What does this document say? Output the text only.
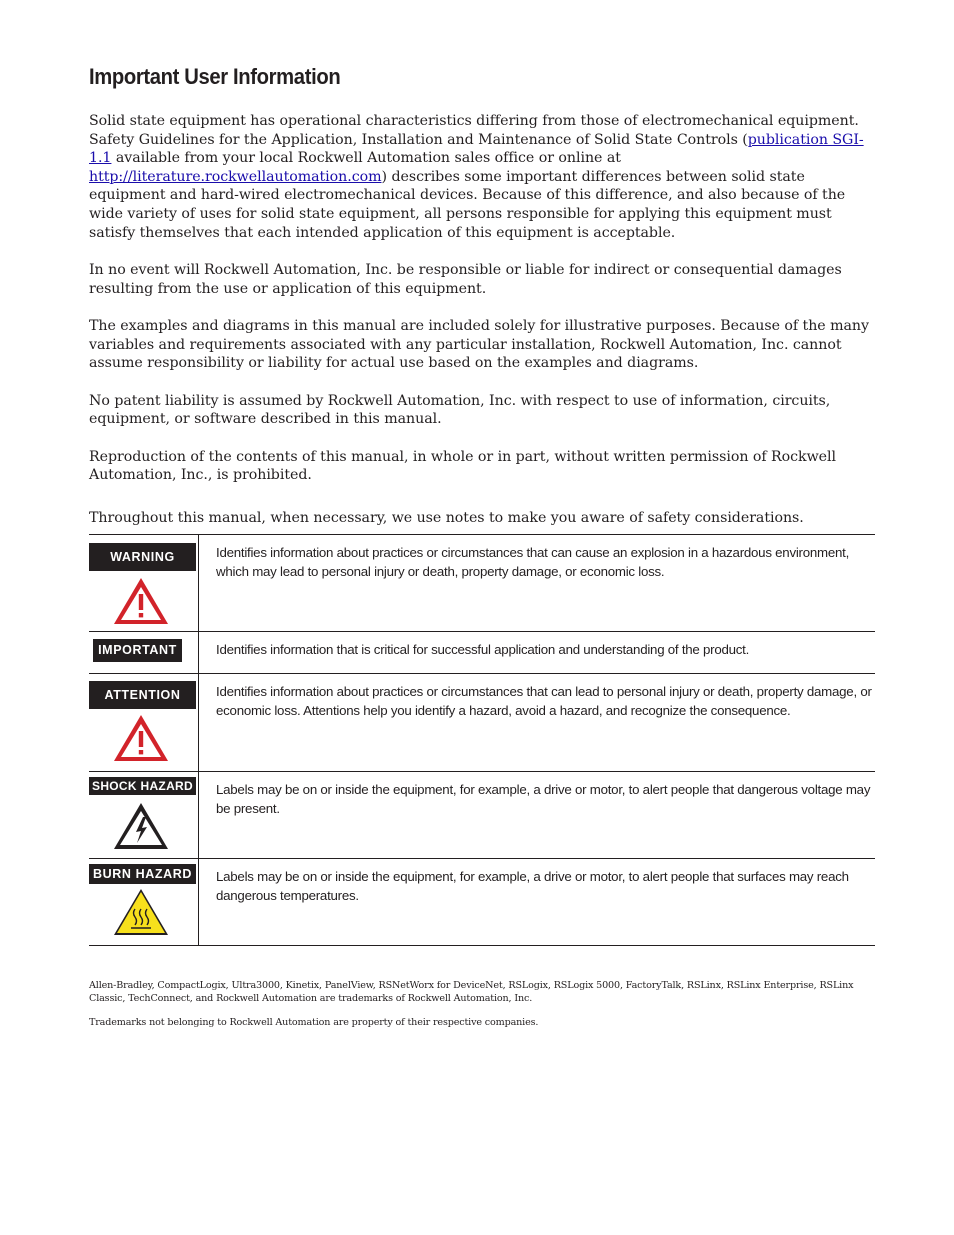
Important User Information

Solid state equipment has operational characteristics differing from those of electromechanical equipment. Safety Guidelines for the Application, Installation and Maintenance of Solid State Controls (publication SGI-1.1 available from your local Rockwell Automation sales office or online at http://literature.rockwellautomation.com) describes some important differences between solid state equipment and hard-wired electromechanical devices. Because of this difference, and also because of the wide variety of uses for solid state equipment, all persons responsible for applying this equipment must satisfy themselves that each intended application of this equipment is acceptable.

In no event will Rockwell Automation, Inc. be responsible or liable for indirect or consequential damages resulting from the use or application of this equipment.

The examples and diagrams in this manual are included solely for illustrative purposes. Because of the many variables and requirements associated with any particular installation, Rockwell Automation, Inc. cannot assume responsibility or liability for actual use based on the examples and diagrams.

No patent liability is assumed by Rockwell Automation, Inc. with respect to use of information, circuits, equipment, or software described in this manual.

Reproduction of the contents of this manual, in whole or in part, without written permission of Rockwell Automation, Inc., is prohibited.

Throughout this manual, when necessary, we use notes to make you aware of safety considerations.

WARNING	Identifies information about practices or circumstances that can cause an explosion in a hazardous environment, which may lead to personal injury or death, property damage, or economic loss.

IMPORTANT	Identifies information that is critical for successful application and understanding of the product.

ATTENTION	Identifies information about practices or circumstances that can lead to personal injury or death, property damage, or economic loss. Attentions help you identify a hazard, avoid a hazard, and recognize the consequence.

SHOCK HAZARD	Labels may be on or inside the equipment, for example, a drive or motor, to alert people that dangerous voltage may be present.

BURN HAZARD	Labels may be on or inside the equipment, for example, a drive or motor, to alert people that surfaces may reach dangerous temperatures.

Allen-Bradley, CompactLogix, Ultra3000, Kinetix, PanelView, RSNetWorx for DeviceNet, RSLogix, RSLogix 5000, FactoryTalk, RSLinx, RSLinx Enterprise, RSLinx Classic, TechConnect, and Rockwell Automation are trademarks of Rockwell Automation, Inc.

Trademarks not belonging to Rockwell Automation are property of their respective companies.
